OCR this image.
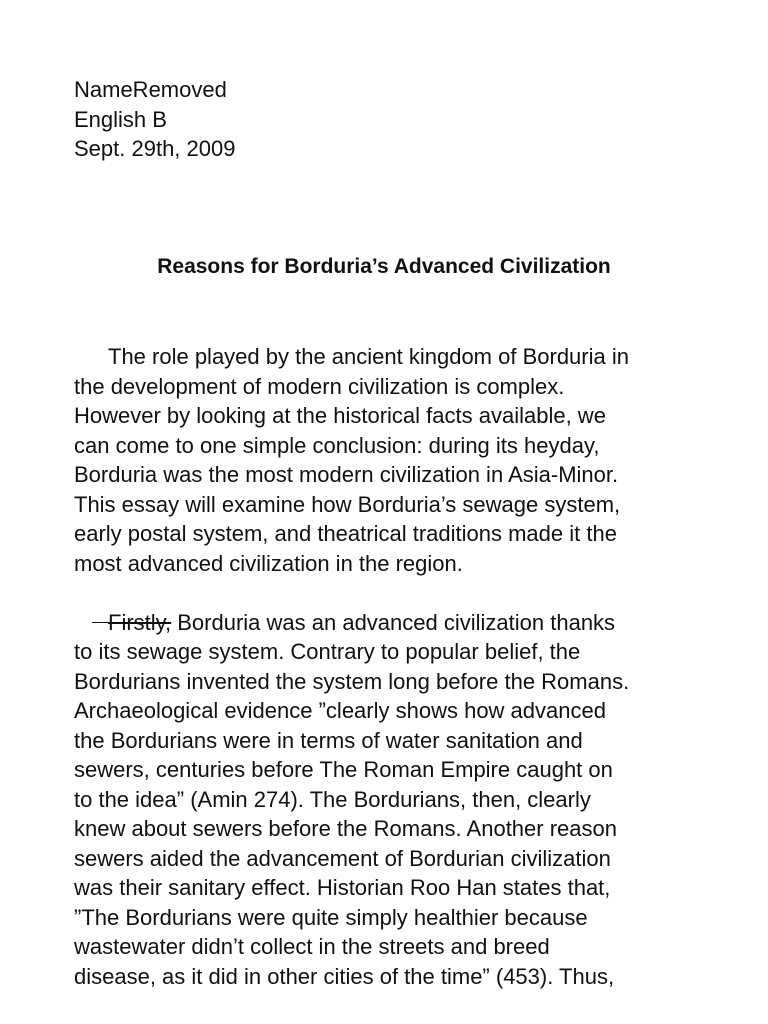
NameRemoved
English B
Sept. 29th, 2009
Reasons for Borduria’s Advanced Civilization
The role played by the ancient kingdom of Borduria in
the development of modern civilization is complex.
However by looking at the historical facts available, we
can come to one simple conclusion: during its heyday,
Borduria was the most modern civilization in Asia-Minor.
This essay will examine how Borduria’s sewage system,
early postal system, and theatrical traditions made it the
most advanced civilization in the region.
Firstly, Borduria was an advanced civilization thanks
to its sewage system. Contrary to popular belief, the
Bordurians invented the system long before the Romans.
Archaeological evidence ”clearly shows how advanced
the Bordurians were in terms of water sanitation and
sewers, centuries before The Roman Empire caught on
to the idea” (Amin 274). The Bordurians, then, clearly
knew about sewers before the Romans. Another reason
sewers aided the advancement of Bordurian civilization
was their sanitary effect. Historian Roo Han states that,
”The Bordurians were quite simply healthier because
wastewater didn’t collect in the streets and breed
disease, as it did in other cities of the time” (453). Thus,
